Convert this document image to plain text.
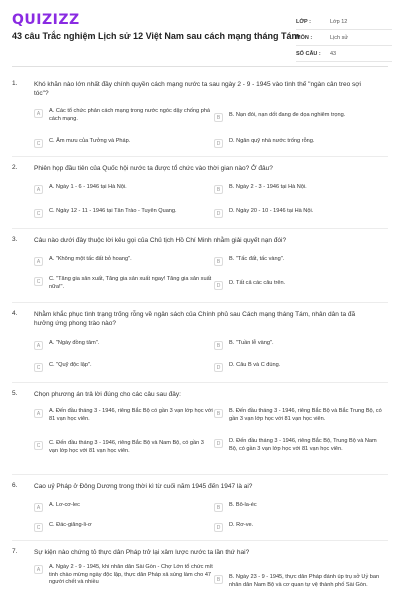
QUIZIZZ
43 câu Trắc nghiệm Lịch sử 12 Việt Nam sau cách mạng tháng Tám
LỚP :	Lớp 12
MÔN :	Lịch sử
SỐ CÂU :	43
1.	Khó khăn nào lớn nhất đầy chính quyền cách mạng nước ta sau ngày 2 - 9 - 1945 vào tình thế "ngàn cân treo sợi tóc"?
A	A. Các tổ chức phản cách mạng trong nước ngóc dậy chống phá cách mạng.	B	B. Nạn đói, nạn dốt đang đe dọa nghiêm trọng.
C	C. Âm mưu của Tưởng và Pháp.	D	D. Ngân quỹ nhà nước trống rỗng.
2.	Phiên họp đầu tiên của Quốc hội nước ta được tổ chức vào thời gian nào? Ở đâu?
A	A. Ngày 1 - 6 - 1946 tại Hà Nội.	B	B. Ngày 2 - 3 - 1946 tại Hà Nội.
C	C. Ngày 12 - 11 - 1946 tại Tân Trào - Tuyên Quang.	D	D. Ngày 20 - 10 - 1946 tại Hà Nội.
3.	Câu nào dưới đây thuộc lời kêu gọi của Chủ tịch Hồ Chí Minh nhằm giải quyết nạn đói?
A	A. "Không một tấc đất bỏ hoang".	B	B. "Tấc đất, tấc vàng".
C	C. "Tăng gia sản xuất, Tăng gia sản xuất ngay! Tăng gia sản xuất nữa!".	D	D. Tất cả các câu trên.
4.	Nhằm khắc phục tình trạng trống rỗng về ngân sách của Chính phủ sau Cách mạng tháng Tám, nhân dân ta đã hưởng ứng phong trào nào?
A	A. "Ngày đồng tâm".	B	B. "Tuần lễ vàng".
C	C. "Quỹ độc lập".	D	D. Câu B và C đúng.
5.	Chọn phương án trả lời đúng cho các câu sau đây:
A	A. Đến đầu tháng 3 - 1946, riêng Bắc Bộ có gần 3 vạn lớp học với 81 vạn học viên.
B	B. Đến đầu tháng 3 - 1946, riêng Bắc Bộ và Bắc Trung Bộ, có gần 3 vạn lớp học với 81 vạn học viên.
C	C. Đến đầu tháng 3 - 1946, riêng Bắc Bộ và Nam Bộ, có gần 3 vạn lớp học với 81 vạn học viên.
D	D. Đến đầu tháng 3 - 1946, riêng Bắc Bộ, Trung Bộ và Nam Bộ, có gần 3 vạn lớp học với 81 vạn học viên.
6.	Cao uỷ Pháp ở Đông Dương trong thời kì từ cuối năm 1945 đến 1947 là ai?
A	A. Lơ-cơ-lec	B	B. Bô-la-éc
C	C. Đác-giăng-li-ơ	D	D. Rơ-ve.
7.	Sự kiện nào chứng tỏ thực dân Pháp trở lại xâm lược nước ta lần thứ hai?
A	A. Ngày 2 - 9 - 1945, khi nhân dân Sài Gòn - Chợ Lớn tổ chức mít tinh chào mừng ngày độc lập, thực dân Pháp xả súng làm cho 47 người chết và nhiều	B	B. Ngày 23 - 9 - 1945, thực dân Pháp đánh úp trụ sở Uỷ ban nhân dân Nam Bộ và cơ quan tự vệ thành phố Sài Gòn.
